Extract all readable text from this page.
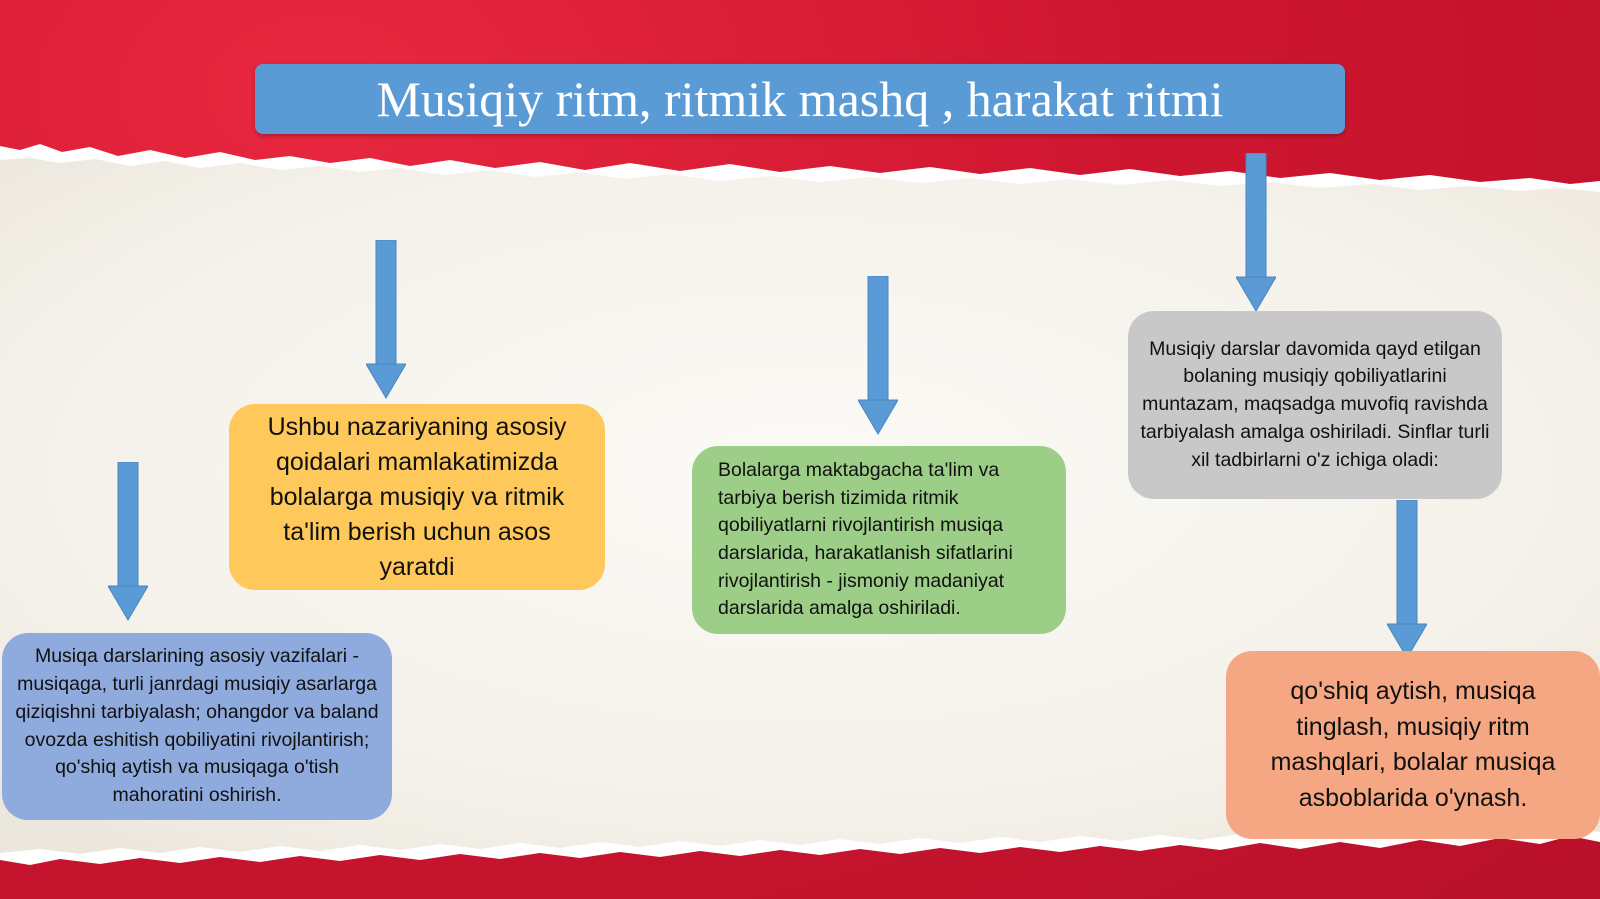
Musiqiy ritm, ritmik mashq , harakat ritmi
Ushbu nazariyaning asosiy qoidalari mamlakatimizda bolalarga musiqiy va ritmik ta'lim berish uchun asos yaratdi
Musiqa darslarining asosiy vazifalari - musiqaga, turli janrdagi musiqiy asarlarga qiziqishni tarbiyalash; ohangdor va baland ovozda eshitish qobiliyatini rivojlantirish; qo'shiq aytish va musiqaga o'tish mahoratini oshirish.
Bolalarga maktabgacha ta'lim va tarbiya berish tizimida ritmik qobiliyatlarni rivojlantirish musiqa darslarida, harakatlanish sifatlarini rivojlantirish - jismoniy madaniyat darslarida amalga oshiriladi.
Musiqiy darslar davomida qayd etilgan bolaning musiqiy qobiliyatlarini muntazam, maqsadga muvofiq ravishda tarbiyalash amalga oshiriladi. Sinflar turli xil tadbirlarni o'z ichiga oladi:
qo'shiq aytish, musiqa tinglash, musiqiy ritm mashqlari, bolalar musiqa asboblarida o'ynash.
